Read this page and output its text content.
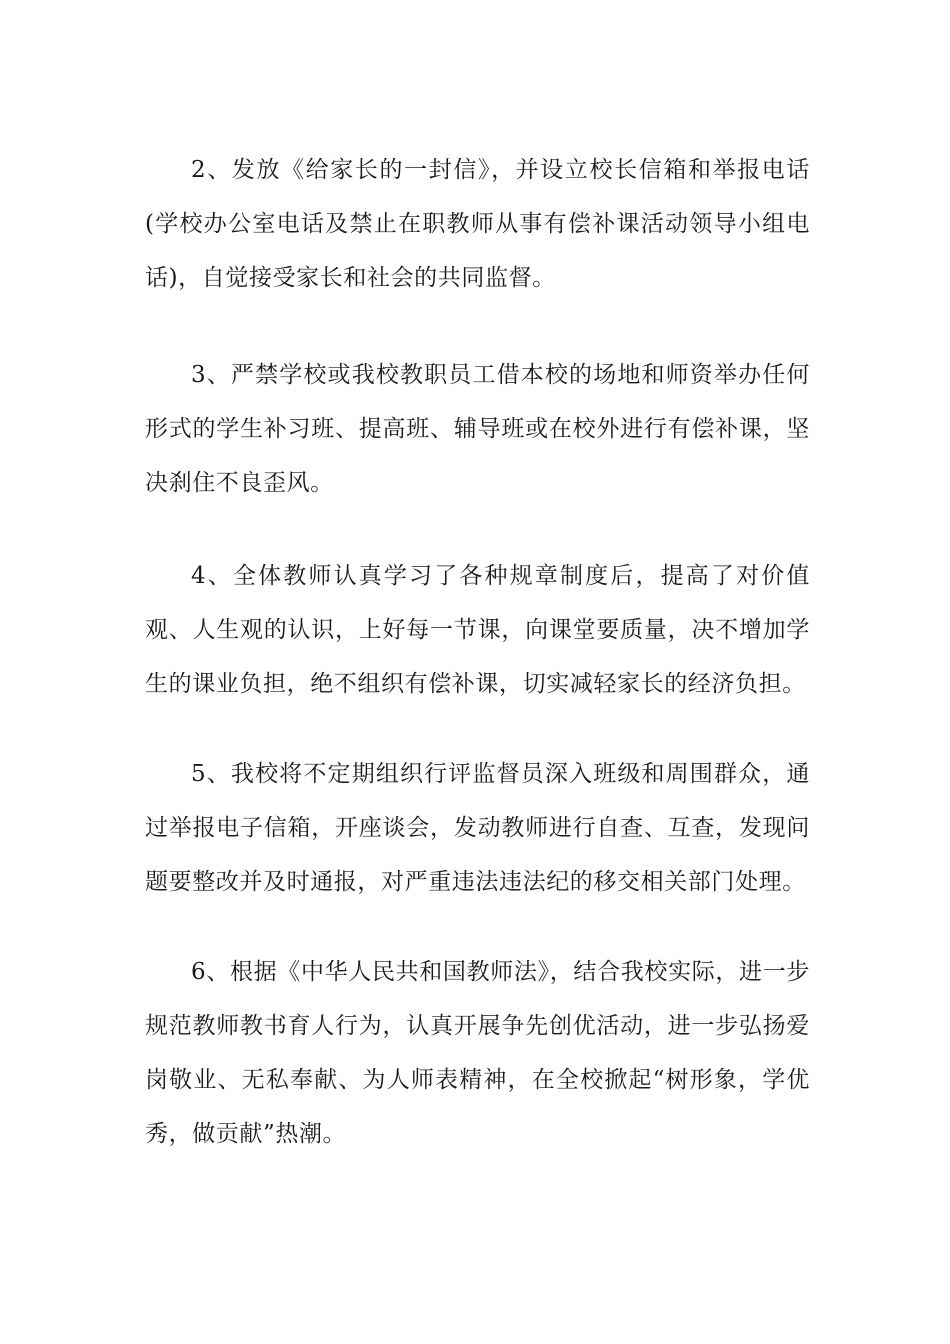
2、发放《给家长的一封信》，并设立校长信箱和举报电话(学校办公室电话及禁止在职教师从事有偿补课活动领导小组电话)，自觉接受家长和社会的共同监督。

3、严禁学校或我校教职员工借本校的场地和师资举办任何形式的学生补习班、提高班、辅导班或在校外进行有偿补课，坚决刹住不良歪风。

4、全体教师认真学习了各种规章制度后，提高了对价值观、人生观的认识，上好每一节课，向课堂要质量，决不增加学生的课业负担，绝不组织有偿补课，切实减轻家长的经济负担。

5、我校将不定期组织行评监督员深入班级和周围群众，通过举报电子信箱，开座谈会，发动教师进行自查、互查，发现问题要整改并及时通报，对严重违法违法纪的移交相关部门处理。

6、根据《中华人民共和国教师法》，结合我校实际，进一步规范教师教书育人行为，认真开展争先创优活动，进一步弘扬爱岗敬业、无私奉献、为人师表精神，在全校掀起“树形象，学优秀，做贡献”热潮。
